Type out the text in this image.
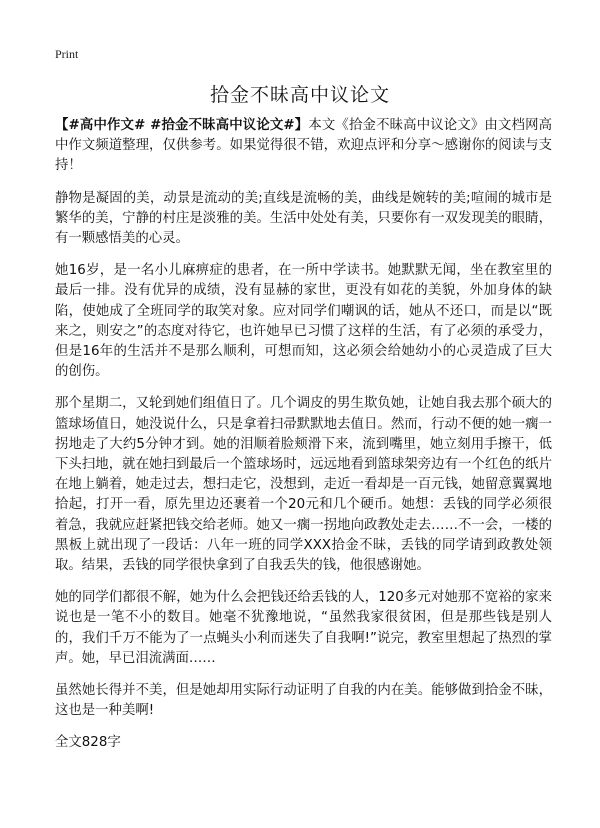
Print
拾金不昧高中议论文

【#高中作文# #拾金不昧高中议论文#】本文《拾金不昧高中议论文》由文档网高中作文频道整理，仅供参考。如果觉得很不错，欢迎点评和分享～感谢你的阅读与支持！

静物是凝固的美，动景是流动的美;直线是流畅的美，曲线是婉转的美;喧闹的城市是繁华的美，宁静的村庄是淡雅的美。生活中处处有美，只要你有一双发现美的眼睛，有一颗感悟美的心灵。

她16岁，是一名小儿麻痹症的患者，在一所中学读书。她默默无闻，坐在教室里的最后一排。没有优异的成绩，没有显赫的家世，更没有如花的美貌，外加身体的缺陷，使她成了全班同学的取笑对象。应对同学们嘲讽的话，她从不还口，而是以“既来之，则安之”的态度对待它，也许她早已习惯了这样的生活，有了必须的承受力，但是16年的生活并不是那么顺利，可想而知，这必须会给她幼小的心灵造成了巨大的创伤。

那个星期二，又轮到她们组值日了。几个调皮的男生欺负她，让她自我去那个硕大的篮球场值日，她没说什么，只是拿着扫帚默默地去值日。然而，行动不便的她一瘸一拐地走了大约5分钟才到。她的泪顺着脸颊滑下来，流到嘴里，她立刻用手擦干，低下头扫地，就在她扫到最后一个篮球场时，远远地看到篮球架旁边有一个红色的纸片在地上躺着，她走过去，想扫走它，没想到，走近一看却是一百元钱，她留意翼翼地拾起，打开一看，原先里边还裹着一个20元和几个硬币。她想：丢钱的同学必须很着急，我就应赶紧把钱交给老师。她又一瘸一拐地向政教处走去……不一会，一楼的黑板上就出现了一段话：八年一班的同学XXX拾金不昧，丢钱的同学请到政教处领取。结果，丢钱的同学很快拿到了自我丢失的钱，他很感谢她。

她的同学们都很不解，她为什么会把钱还给丢钱的人，120多元对她那不宽裕的家来说也是一笔不小的数目。她毫不犹豫地说，“虽然我家很贫困，但是那些钱是别人的，我们千万不能为了一点蝇头小利而迷失了自我啊!”说完，教室里想起了热烈的掌声。她，早已泪流满面……

虽然她长得并不美，但是她却用实际行动证明了自我的内在美。能够做到拾金不昧，这也是一种美啊!

全文828字
